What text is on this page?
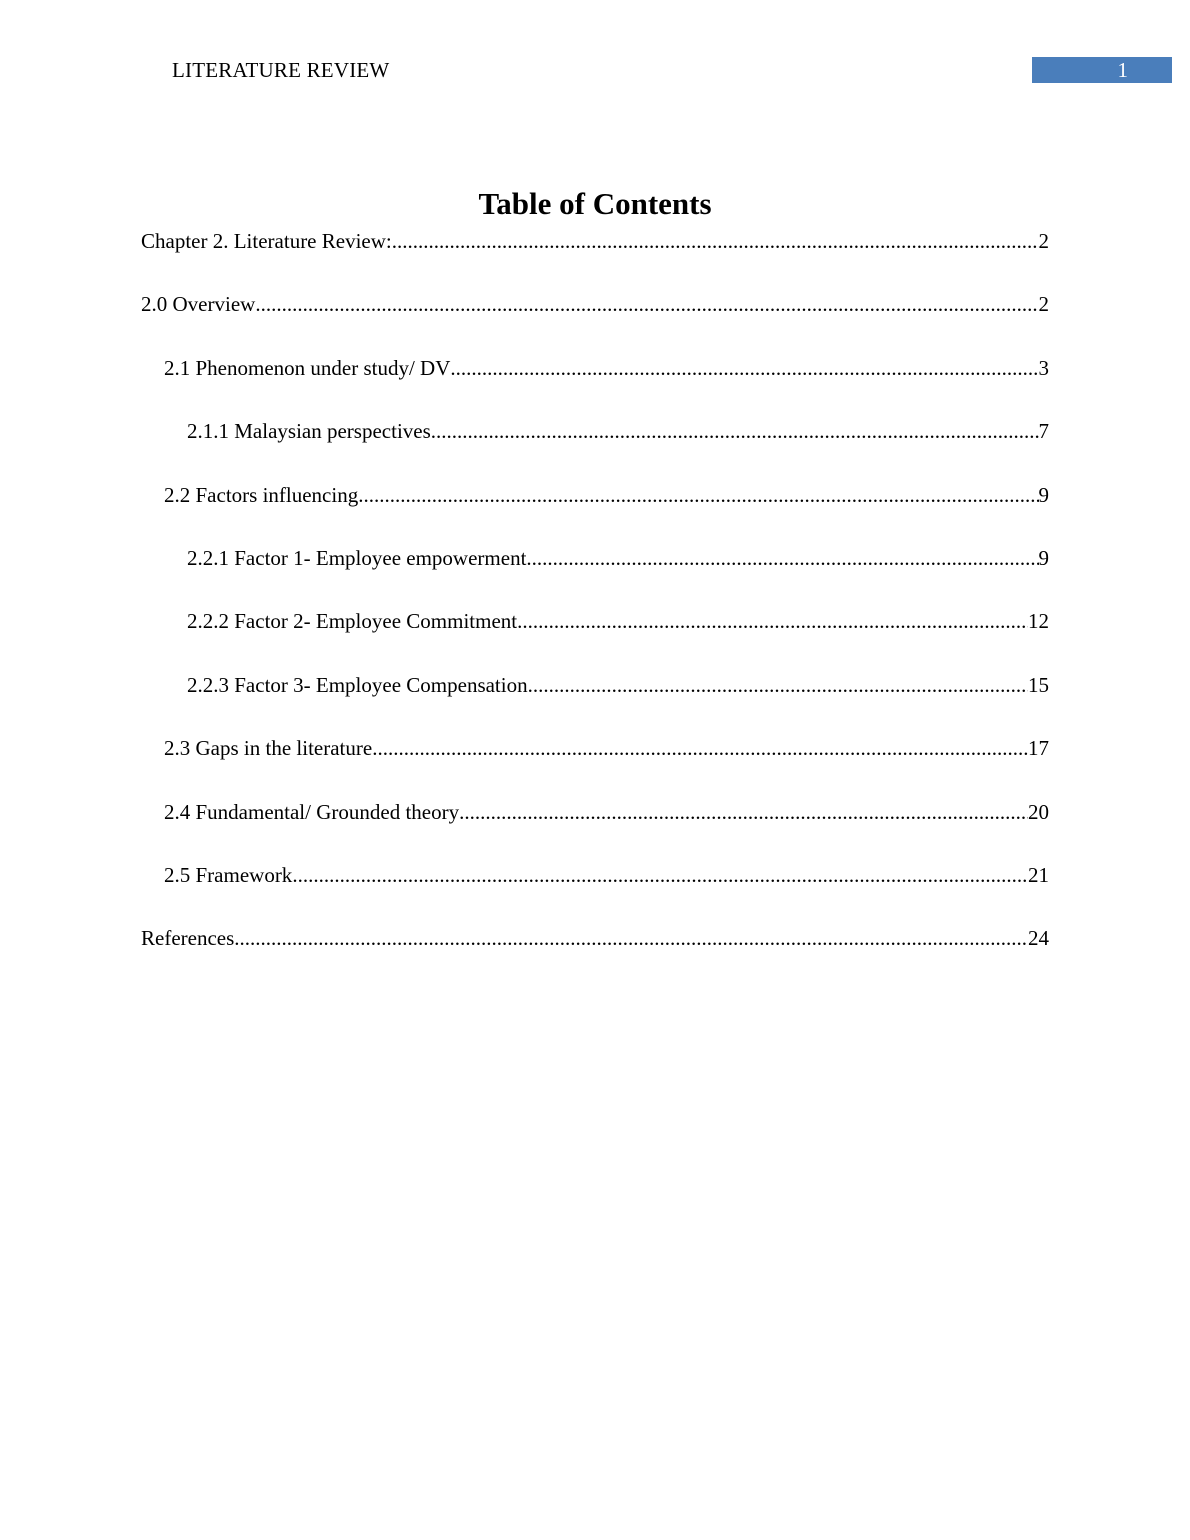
LITERATURE REVIEW	1
Table of Contents
Chapter 2. Literature Review: .....	2
2.0 Overview .....	2
2.1 Phenomenon under study/ DV .....	3
2.1.1 Malaysian perspectives .....	7
2.2 Factors influencing .....	9
2.2.1 Factor 1- Employee empowerment .....	9
2.2.2 Factor 2- Employee Commitment .....	12
2.2.3 Factor 3- Employee Compensation .....	15
2.3 Gaps in the literature .....	17
2.4 Fundamental/ Grounded theory .....	20
2.5 Framework .....	21
References .....	24
